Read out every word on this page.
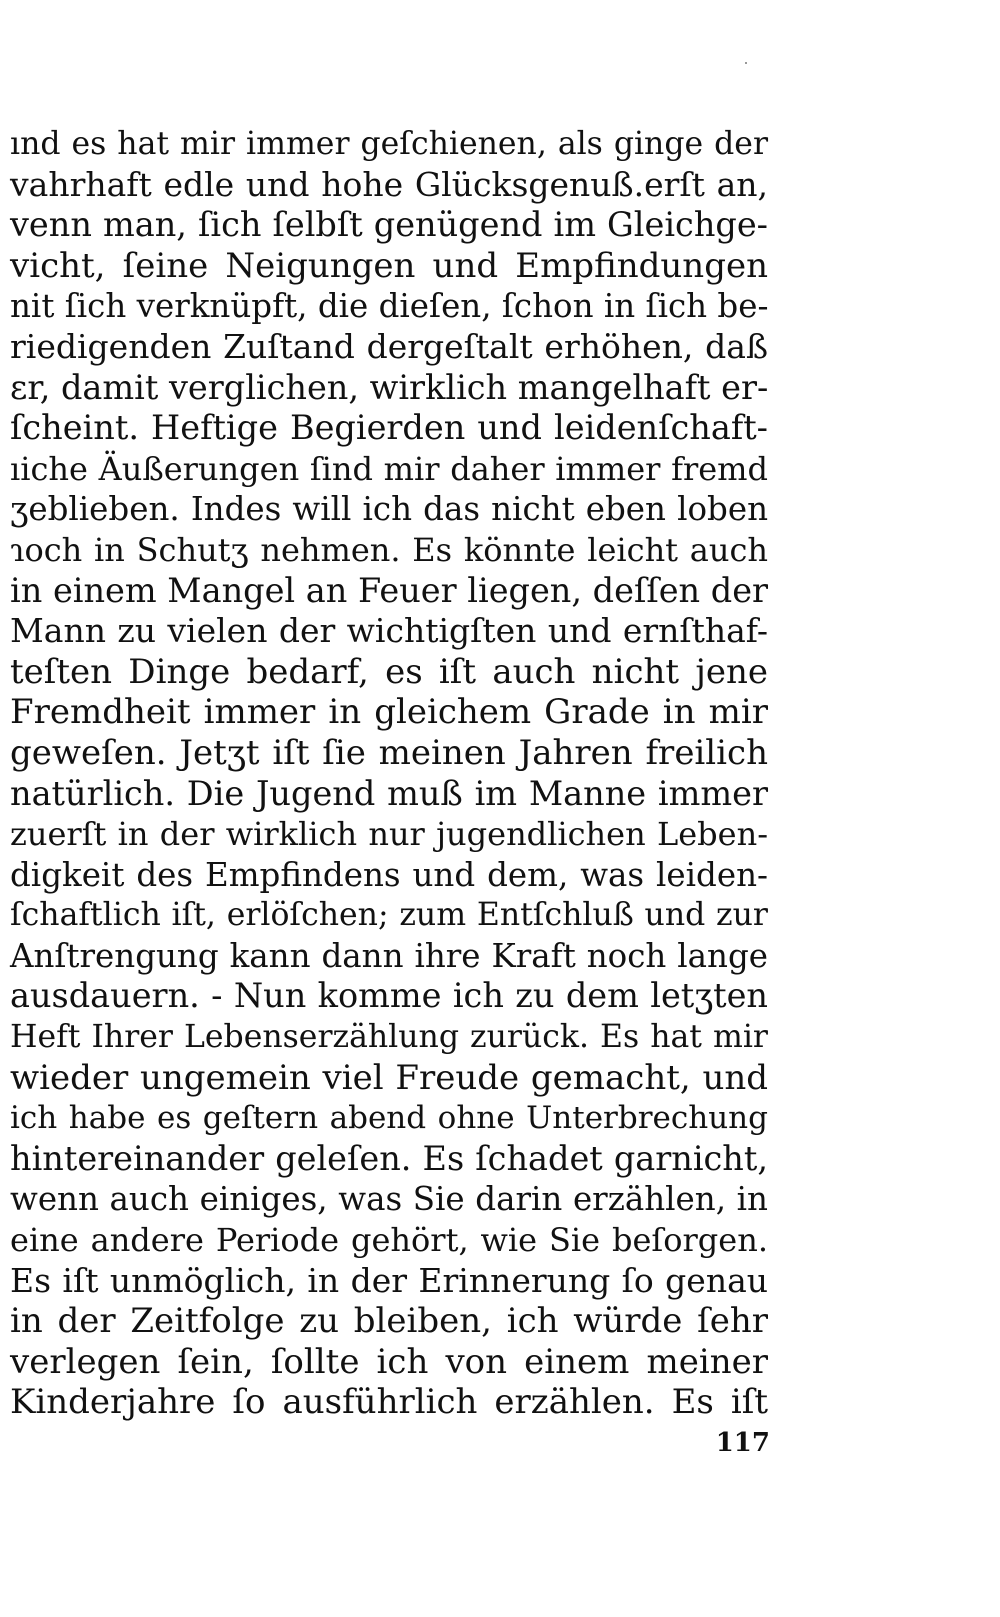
ınd es hat mir immer geſchienen, als ginge der
vahrhaft edle und hohe Glücksgenuß.erſt an,
venn man, ſich ſelbſt genügend im Gleichge-
vicht, ſeine Neigungen und Empfindungen
nit ſich verknüpft, die dieſen, ſchon in ſich be-
riedigenden Zuſtand dergeſtalt erhöhen, daß
ɛr, damit verglichen, wirklich mangelhaft er-
ſcheint. Heftige Begierden und leidenſchaft-
ıiche Äußerungen ſind mir daher immer fremd
ʒeblieben. Indes will ich das nicht eben loben
ɿoch in Schutʒ nehmen. Es könnte leicht auch
in einem Mangel an Feuer liegen, deſſen der
Mann zu vielen der wichtigſten und ernſthaf-
teſten Dinge bedarf, es iſt auch nicht jene
Fremdheit immer in gleichem Grade in mir
geweſen. Jetʒt iſt ſie meinen Jahren freilich
natürlich. Die Jugend muß im Manne immer
zuerſt in der wirklich nur jugendlichen Leben-
digkeit des Empfindens und dem, was leiden-
ſchaftlich iſt, erlöſchen; zum Entſchluß und zur
Anſtrengung kann dann ihre Kraft noch lange
ausdauern. - Nun komme ich zu dem letʒten
Heft Ihrer Lebenserzählung zurück. Es hat mir
wieder ungemein viel Freude gemacht, und
ich habe es geſtern abend ohne Unterbrechung
hintereinander geleſen. Es ſchadet garnicht,
wenn auch einiges, was Sie darin erzählen, in
eine andere Periode gehört, wie Sie beſorgen.
Es iſt unmöglich, in der Erinnerung ſo genau
in der Zeitfolge zu bleiben, ich würde ſehr
verlegen ſein, ſollte ich von einem meiner
Kinderjahre ſo ausführlich erzählen. Es iſt
117
